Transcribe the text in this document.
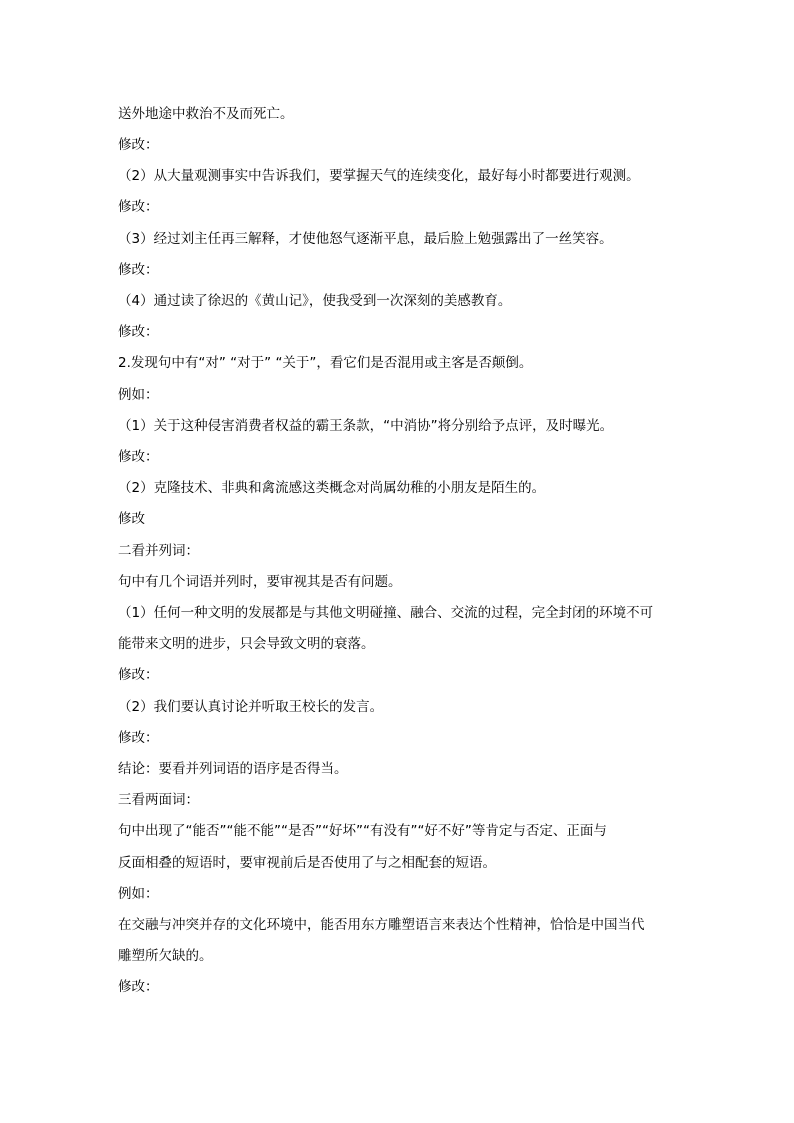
送外地途中救治不及而死亡。
修改：
（2）从大量观测事实中告诉我们，要掌握天气的连续变化，最好每小时都要进行观测。
修改：
（3）经过刘主任再三解释，才使他怒气逐渐平息，最后脸上勉强露出了一丝笑容。
修改：
（4）通过读了徐迟的《黄山记》，使我受到一次深刻的美感教育。
修改：
2.发现句中有“对” “对于” “关于”，看它们是否混用或主客是否颠倒。
例如：
（1）关于这种侵害消费者权益的霸王条款，“中消协”将分别给予点评，及时曝光。
修改：
（2）克隆技术、非典和禽流感这类概念对尚属幼稚的小朋友是陌生的。
修改
二看并列词：
句中有几个词语并列时，要审视其是否有问题。
（1）任何一种文明的发展都是与其他文明碰撞、融合、交流的过程，完全封闭的环境不可
能带来文明的进步，只会导致文明的衰落。
修改：
（2）我们要认真讨论并听取王校长的发言。
修改：
结论：要看并列词语的语序是否得当。
三看两面词：
句中出现了“能否”“能不能”“是否”“好坏”“有没有”“好不好”等肯定与否定、正面与
反面相叠的短语时，要审视前后是否使用了与之相配套的短语。
例如：
在交融与冲突并存的文化环境中，能否用东方雕塑语言来表达个性精神，恰恰是中国当代
雕塑所欠缺的。
修改：
